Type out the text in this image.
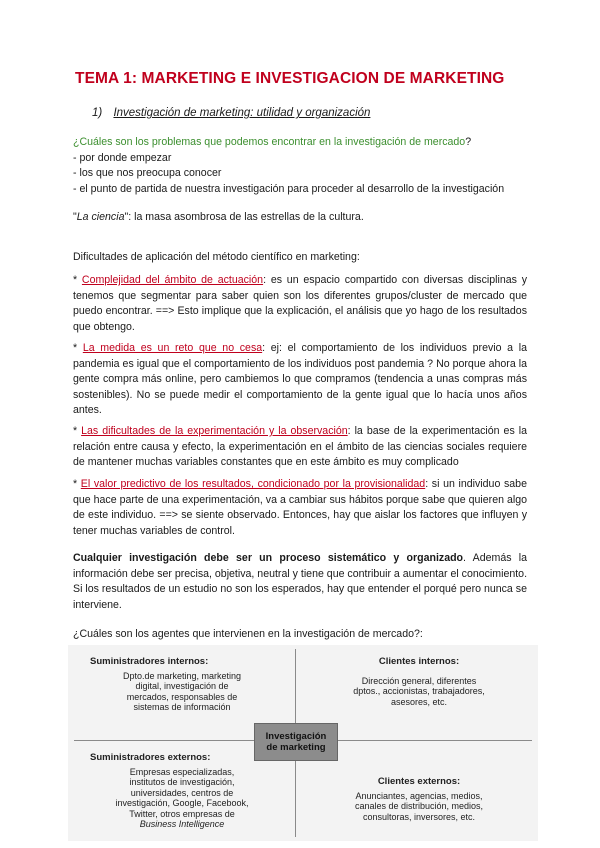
TEMA 1: MARKETING E INVESTIGACION DE MARKETING
1) Investigación de marketing: utilidad y organización
¿Cuáles son los problemas que podemos encontrar en la investigación de mercado?
- por donde empezar
- los que nos preocupa conocer
- el punto de partida de nuestra investigación para proceder al desarrollo de la investigación
"La ciencia": la masa asombrosa de las estrellas de la cultura.
Dificultades de aplicación del método científico en marketing:
* Complejidad del ámbito de actuación: es un espacio compartido con diversas disciplinas y tenemos que segmentar para saber quien son los diferentes grupos/cluster de mercado que puedo encontrar. ==> Esto implique que la explicación, el análisis que yo hago de los resultados que obtengo.
* La medida es un reto que no cesa: ej: el comportamiento de los individuos previo a la pandemia es igual que el comportamiento de los individuos post pandemia ? No porque ahora la gente compra más online, pero cambiemos lo que compramos (tendencia a unas compras más sostenibles). No se puede medir el comportamiento de la gente igual que lo hacía unos años antes.
* Las dificultades de la experimentación y la observación: la base de la experimentación es la relación entre causa y efecto, la experimentación en el ámbito de las ciencias sociales requiere de mantener muchas variables constantes que en este ámbito es muy complicado
* El valor predictivo de los resultados, condicionado por la provisionalidad: si un individuo sabe que hace parte de una experimentación, va a cambiar sus hábitos porque sabe que quieren algo de este individuo. ==> se siente observado. Entonces, hay que aislar los factores que influyen y tener muchas variables de control.
Cualquier investigación debe ser un proceso sistemático y organizado. Además la información debe ser precisa, objetiva, neutral y tiene que contribuir a aumentar el conocimiento. Si los resultados de un estudio no son los esperados, hay que entender el porqué pero nunca se interviene.
¿Cuáles son los agentes que intervienen en la investigación de mercado?:
Suministradores internos:
Dpto.de marketing, marketing
digital, investigación de
mercados, responsables de
sistemas de información
Clientes internos:
Dirección general, diferentes
dptos., accionistas, trabajadores,
asesores, etc.
Suministradores externos:
Empresas especializadas,
institutos de investigación,
universidades, centros de
investigación, Google, Facebook,
Twitter, otros empresas de
Business Intelligence
Clientes externos:
Anunciantes, agencias, medios,
canales de distribución, medios,
consultoras, inversores, etc.
Investigación
de marketing
